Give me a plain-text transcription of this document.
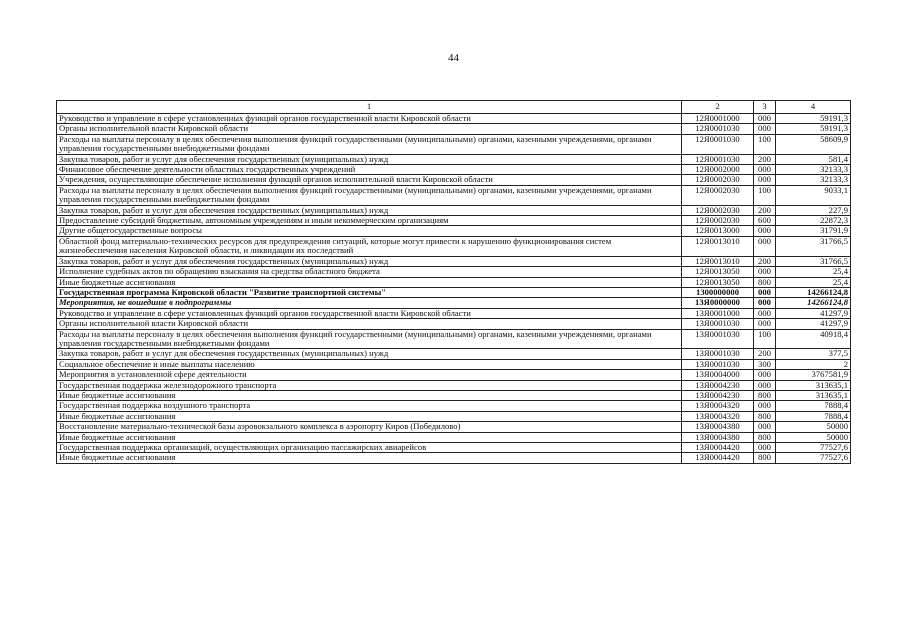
44
1	2	3	4
Руководство и управление в сфере установленных функций органов государственной власти Кировской области	12Я0001000	000	59191,3
Органы исполнительной власти Кировской области	12Я0001030	000	59191,3
Расходы на выплаты персоналу в целях обеспечения выполнения функций государственными (муниципальными) органами, казенными учреждениями, органами управления государственными внебюджетными фондами	12Я0001030	100	58609,9
Закупка товаров, работ и услуг для обеспечения государственных (муниципальных) нужд	12Я0001030	200	581,4
Финансовое обеспечение деятельности областных государственных учреждений	12Я0002000	000	32133,3
Учреждения, осуществляющие обеспечение исполнения функций органов исполнительной власти Кировской области	12Я0002030	000	32133,3
Расходы на выплаты персоналу в целях обеспечения выполнения функций государственными (муниципальными) органами, казенными учреждениями, органами управления государственными внебюджетными фондами	12Я0002030	100	9033,1
Закупка товаров, работ и услуг для обеспечения государственных (муниципальных) нужд	12Я0002030	200	227,9
Предоставление субсидий бюджетным, автономным учреждениям и иным некоммерческим организациям	12Я0002030	600	22872,3
Другие общегосударственные вопросы	12Я0013000	000	31791,9
Областной фонд материально-технических ресурсов для предупреждения ситуаций, которые могут привести к нарушению функционирования систем жизнеобеспечения населения Кировской области, и ликвидации их последствий	12Я0013010	000	31766,5
Закупка товаров, работ и услуг для обеспечения государственных (муниципальных) нужд	12Я0013010	200	31766,5
Исполнение судебных актов по обращению взыскания на средства областного бюджета	12Я0013050	000	25,4
Иные бюджетные ассигнования	12Я0013050	800	25,4
Государственная программа Кировской области "Развитие транспортной системы"	1300000000	000	14266124,8
Мероприятия, не вошедшие в подпрограммы	13Я0000000	000	14266124,8
Руководство и управление в сфере установленных функций органов государственной власти Кировской области	13Я0001000	000	41297,9
Органы исполнительной власти Кировской области	13Я0001030	000	41297,9
Расходы на выплаты персоналу в целях обеспечения выполнения функций государственными (муниципальными) органами, казенными учреждениями, органами управления государственными внебюджетными фондами	13Я0001030	100	40918,4
Закупка товаров, работ и услуг для обеспечения государственных (муниципальных) нужд	13Я0001030	200	377,5
Социальное обеспечение и иные выплаты населению	13Я0001030	300	2
Мероприятия в установленной сфере деятельности	13Я0004000	000	3767581,9
Государственная поддержка железнодорожного транспорта	13Я0004230	000	313635,1
Иные бюджетные ассигнования	13Я0004230	800	313635,1
Государственная поддержка воздушного транспорта	13Я0004320	000	7888,4
Иные бюджетные ассигнования	13Я0004320	800	7888,4
Восстановление материально-технической базы аэровокзального комплекса в аэропорту Киров (Победилово)	13Я0004380	000	50000
Иные бюджетные ассигнования	13Я0004380	800	50000
Государственная поддержка организаций, осуществляющих организацию пассажирских авиарейсов	13Я0004420	000	77527,6
Иные бюджетные ассигнования	13Я0004420	800	77527,6
